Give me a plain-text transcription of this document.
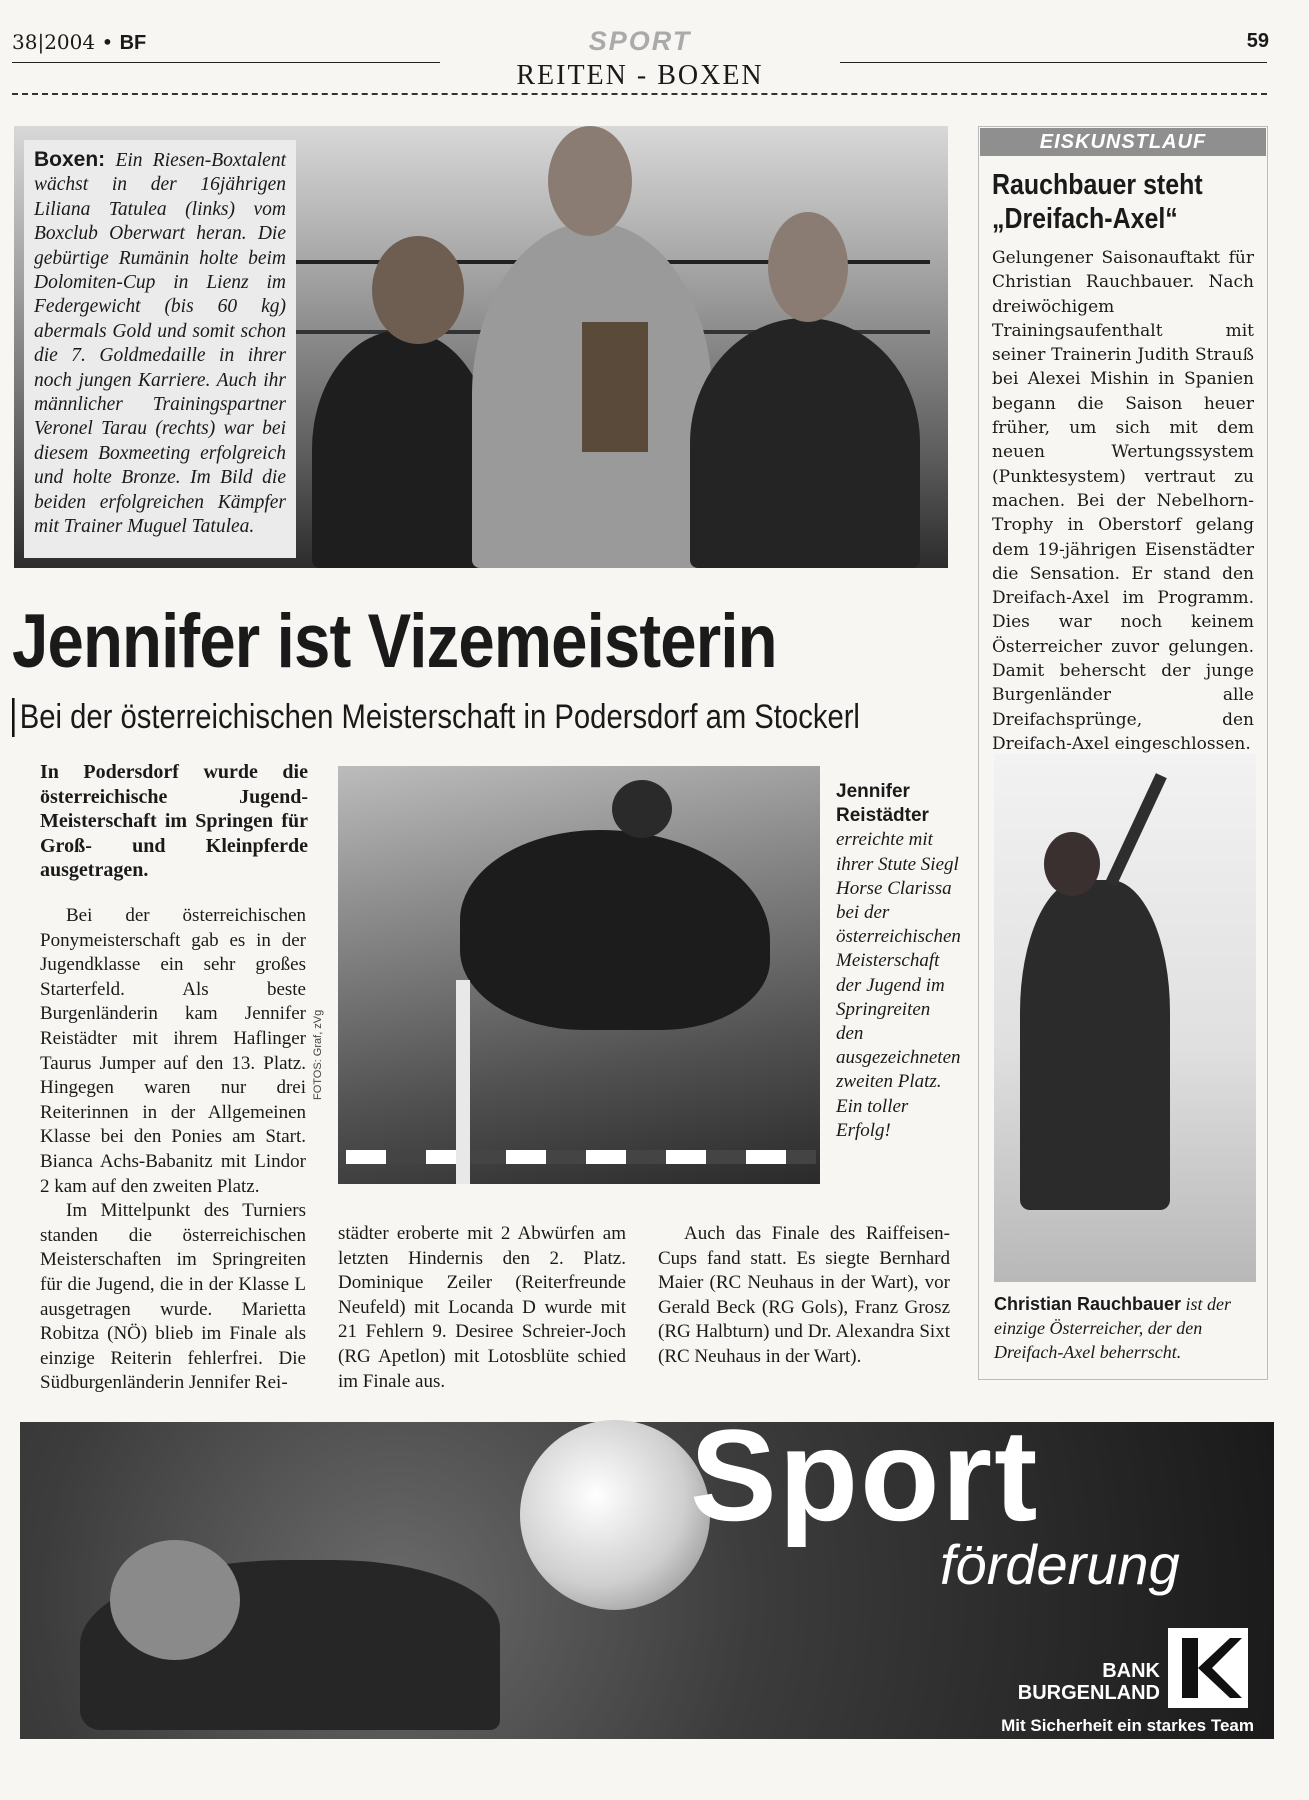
38|2004 • BF	SPORT	59
REITEN - BOXEN

Boxen: Ein Riesen-Boxtalent wächst in der 16jährigen Liliana Tatulea (links) vom Boxclub Oberwart heran. Die gebürtige Rumänin holte beim Dolomiten-Cup in Lienz im Federgewicht (bis 60 kg) abermals Gold und somit schon die 7. Goldmedaille in ihrer noch jungen Karriere. Auch ihr männlicher Trainingspartner Veronel Tarau (rechts) war bei diesem Boxmeeting erfolgreich und holte Bronze. Im Bild die beiden erfolgreichen Kämpfer mit Trainer Muguel Tatulea.

Jennifer ist Vizemeisterin
Bei der österreichischen Meisterschaft in Podersdorf am Stockerl
In Podersdorf wurde die österreichische Jugend-Meisterschaft im Springen für Groß- und Kleinpferde ausgetragen.

Bei der österreichischen Ponymeisterschaft gab es in der Jugendklasse ein sehr großes Starterfeld. Als beste Burgenländerin kam Jennifer Reistädter mit ihrem Haflinger Taurus Jumper auf den 13. Platz. Hingegen waren nur drei Reiterinnen in der Allgemeinen Klasse bei den Ponies am Start. Bianca Achs-Babanitz mit Lindor 2 kam auf den zweiten Platz.

Im Mittelpunkt des Turniers standen die österreichischen Meisterschaften im Springreiten für die Jugend, die in der Klasse L ausgetragen wurde. Marietta Robitza (NÖ) blieb im Finale als einzige Reiterin fehlerfrei. Die Südburgenländerin Jennifer Rei-

FOTOS: Graf, zVg
Jennifer Reistädter erreichte mit ihrer Stute Siegl Horse Clarissa bei der österreichischen Meisterschaft der Jugend im Springreiten den ausgezeichneten zweiten Platz. Ein toller Erfolg!

städter eroberte mit 2 Abwürfen am letzten Hindernis den 2. Platz. Dominique Zeiler (Reiterfreunde Neufeld) mit Locanda D wurde mit 21 Fehlern 9. Desiree Schreier-Joch (RG Apetlon) mit Lotosblüte schied im Finale aus.

Auch das Finale des Raiffeisen-Cups fand statt. Es siegte Bernhard Maier (RC Neuhaus in der Wart), vor Gerald Beck (RG Gols), Franz Grosz (RG Halbturn) und Dr. Alexandra Sixt (RC Neuhaus in der Wart).

EISKUNSTLAUF
Rauchbauer steht „Dreifach-Axel“
Gelungener Saisonauftakt für Christian Rauchbauer. Nach dreiwöchigem Trainingsaufenthalt mit seiner Trainerin Judith Strauß bei Alexei Mishin in Spanien begann die Saison heuer früher, um sich mit dem neuen Wertungssystem (Punktesystem) vertraut zu machen. Bei der Nebelhorn-Trophy in Oberstorf gelang dem 19-jährigen Eisenstädter die Sensation. Er stand den Dreifach-Axel im Programm. Dies war noch keinem Österreicher zuvor gelungen. Damit beherscht der junge Burgenländer alle Dreifachsprünge, den Dreifach-Axel eingeschlossen.
Christian Rauchbauer ist der einzige Österreicher, der den Dreifach-Axel beherrscht.
Sport
förderung
BANK
BURGENLAND
Mit Sicherheit ein starkes Team
